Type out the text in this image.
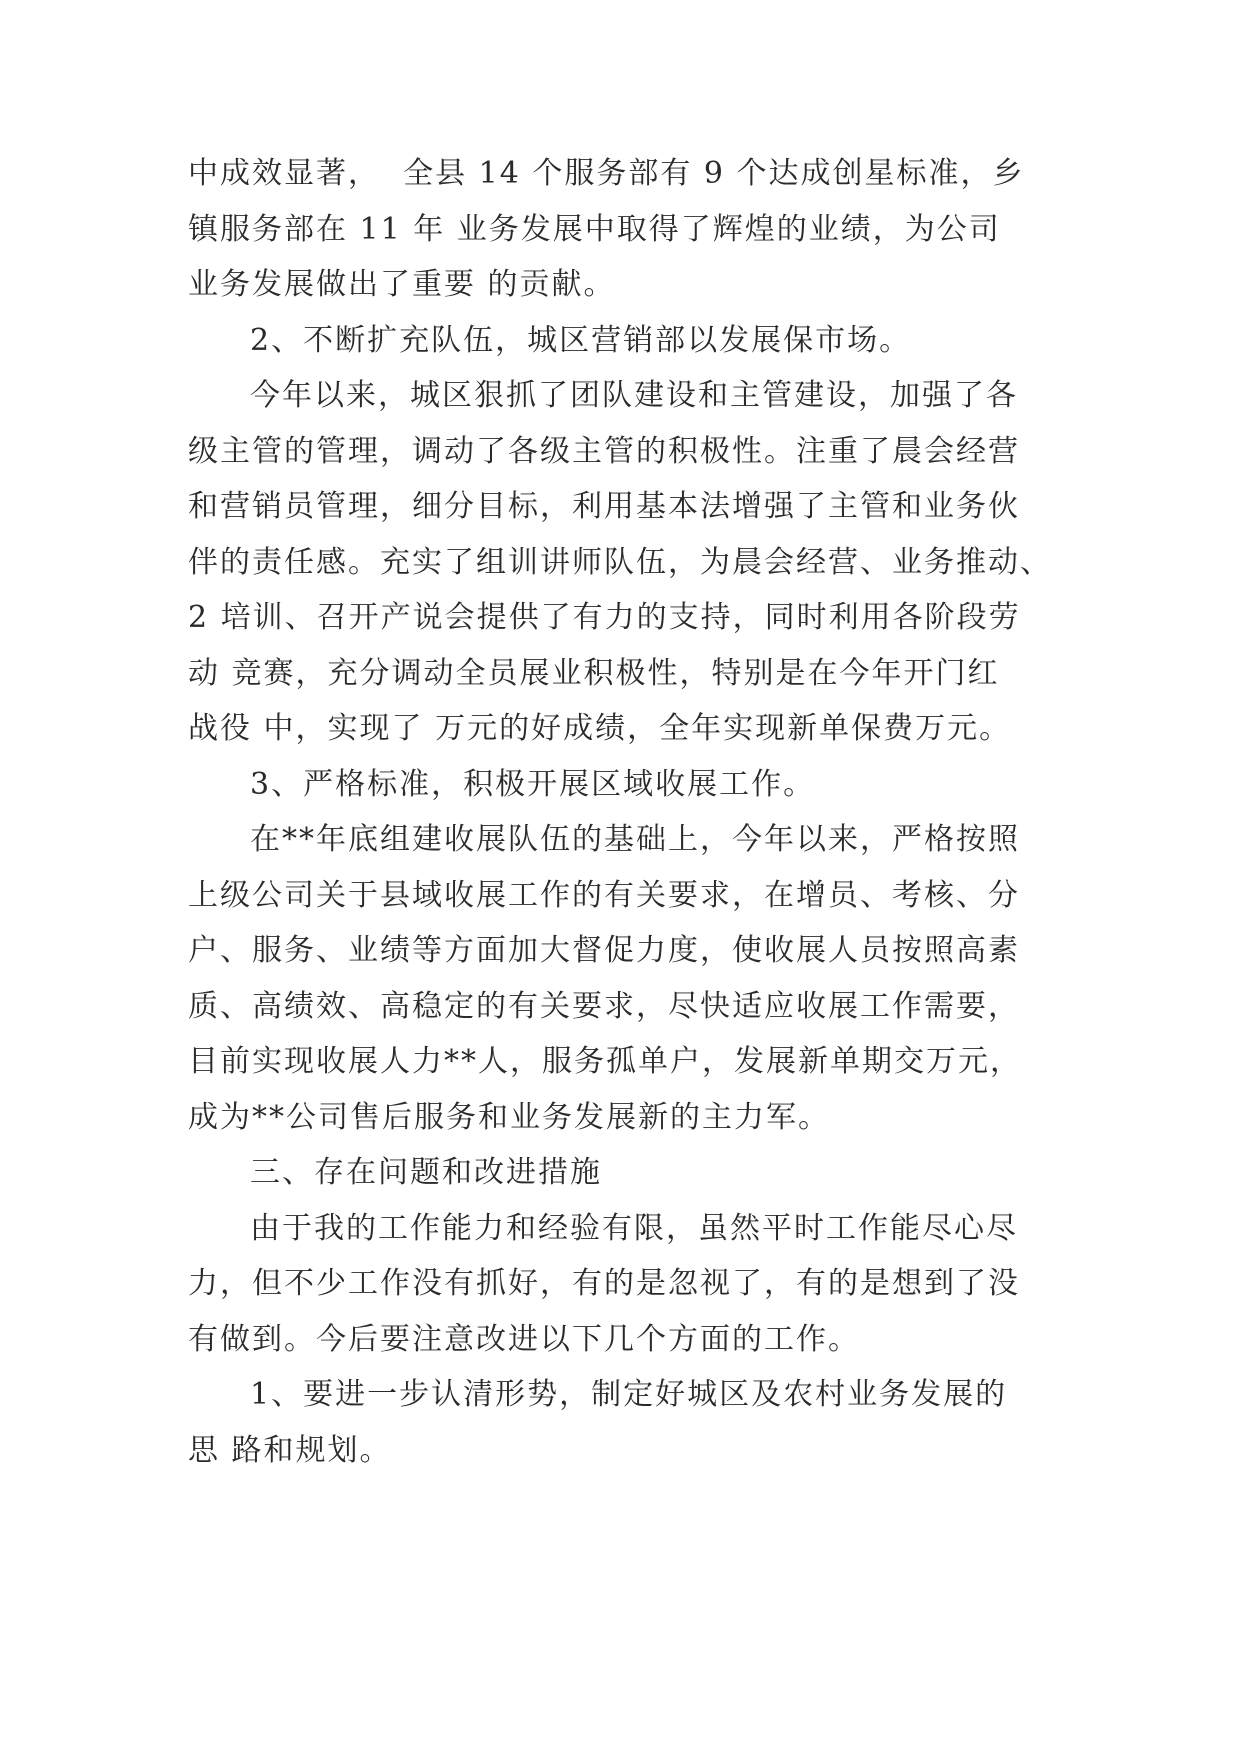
中成效显著，  全县 14 个服务部有 9 个达成创星标准，乡
镇服务部在 11 年 业务发展中取得了辉煌的业绩，为公司
业务发展做出了重要 的贡献。
2、不断扩充队伍，城区营销部以发展保市场。
今年以来，城区狠抓了团队建设和主管建设，加强了各
级主管的管理，调动了各级主管的积极性。注重了晨会经营
和营销员管理，细分目标，利用基本法增强了主管和业务伙
伴的责任感。充实了组训讲师队伍，为晨会经营、业务推动、
2 培训、召开产说会提供了有力的支持，同时利用各阶段劳
动 竞赛，充分调动全员展业积极性，特别是在今年开门红
战役 中，实现了 万元的好成绩，全年实现新单保费万元。
3、严格标准，积极开展区域收展工作。
在**年底组建收展队伍的基础上，今年以来，严格按照
上级公司关于县域收展工作的有关要求，在增员、考核、分
户、服务、业绩等方面加大督促力度，使收展人员按照高素
质、高绩效、高稳定的有关要求，尽快适应收展工作需要，
目前实现收展人力**人，服务孤单户，发展新单期交万元，
成为**公司售后服务和业务发展新的主力军。
三、存在问题和改进措施
由于我的工作能力和经验有限，虽然平时工作能尽心尽
力，但不少工作没有抓好，有的是忽视了，有的是想到了没
有做到。今后要注意改进以下几个方面的工作。
1、要进一步认清形势，制定好城区及农村业务发展的
思 路和规划。
